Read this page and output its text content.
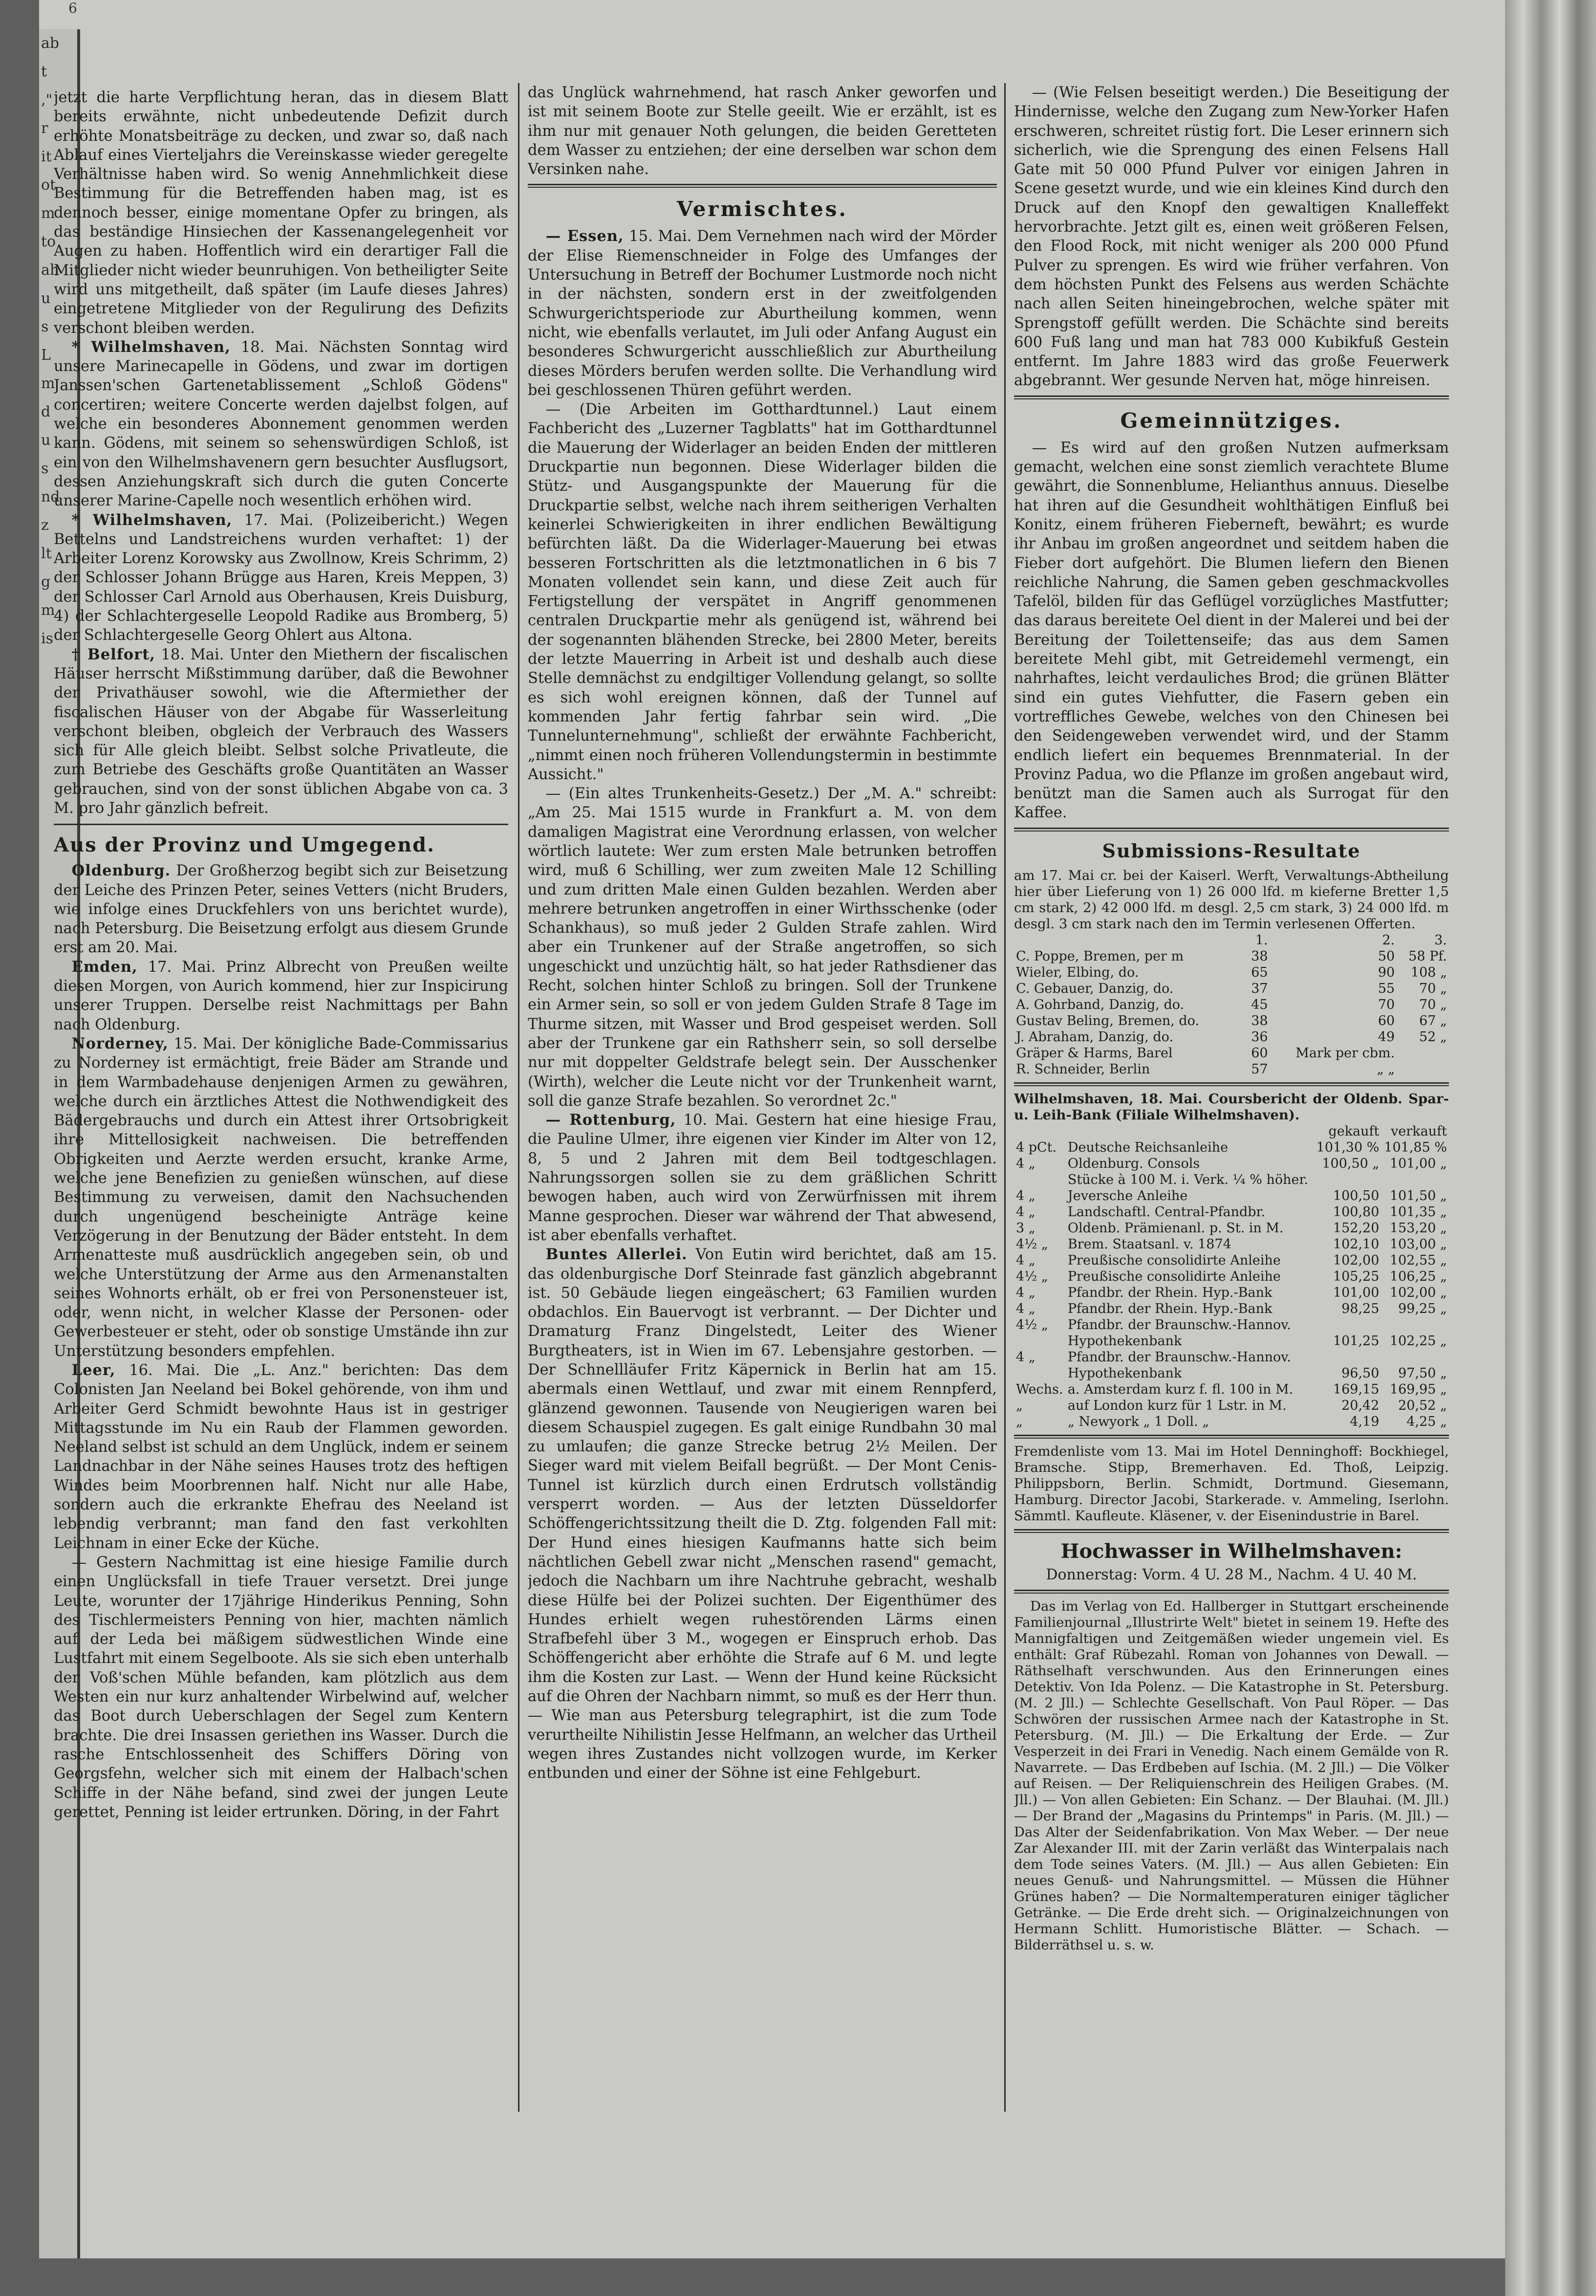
6
ab
t
,"
r
it
ot
m
to
ah
u
s
L
m
d
u
s
nd
z
lt
g
m
is

jetzt die harte Verpflichtung heran, das in diesem Blatt bereits erwähnte, nicht unbedeutende Defizit durch erhöhte Monatsbeiträge zu decken, und zwar so, daß nach Ablauf eines Vierteljahrs die Vereinskasse wieder geregelte Verhältnisse haben wird. So wenig Annehmlichkeit diese Bestimmung für die Betreffenden haben mag, ist es dennoch besser, einige momentane Opfer zu bringen, als das beständige Hinsiechen der Kassenangelegenheit vor Augen zu haben. Hoffentlich wird ein derartiger Fall die Mitglieder nicht wieder beunruhigen. Von betheiligter Seite wird uns mitgetheilt, daß später (im Laufe dieses Jahres) eingetretene Mitglieder von der Regulirung des Defizits verschont bleiben werden.

* Wilhelmshaven, 18. Mai. Nächsten Sonntag wird unsere Marinecapelle in Gödens, und zwar im dortigen Janssen'schen Gartenetablissement „Schloß Gödens" concertiren; weitere Concerte werden dajelbst folgen, auf welche ein besonderes Abonnement genommen werden kann. Gödens, mit seinem so sehenswürdigen Schloß, ist ein von den Wilhelmshavenern gern besuchter Ausflugsort, dessen Anziehungskraft sich durch die guten Concerte unserer Marine-Capelle noch wesentlich erhöhen wird.

* Wilhelmshaven, 17. Mai. (Polizeibericht.) Wegen Bettelns und Landstreichens wurden verhaftet: 1) der Arbeiter Lorenz Korowsky aus Zwollnow, Kreis Schrimm, 2) der Schlosser Johann Brügge aus Haren, Kreis Meppen, 3) der Schlosser Carl Arnold aus Oberhausen, Kreis Duisburg, 4) der Schlachtergeselle Leopold Radike aus Bromberg, 5) der Schlachtergeselle Georg Ohlert aus Altona.

† Belfort, 18. Mai. Unter den Miethern der fiscalischen Häuser herrscht Mißstimmung darüber, daß die Bewohner der Privathäuser sowohl, wie die Aftermiether der fiscalischen Häuser von der Abgabe für Wasserleitung verschont bleiben, obgleich der Verbrauch des Wassers sich für Alle gleich bleibt. Selbst solche Privatleute, die zum Betriebe des Geschäfts große Quantitäten an Wasser gebrauchen, sind von der sonst üblichen Abgabe von ca. 3 M. pro Jahr gänzlich befreit.

Aus der Provinz und Umgegend.

Oldenburg. Der Großherzog begibt sich zur Beisetzung der Leiche des Prinzen Peter, seines Vetters (nicht Bruders, wie infolge eines Druckfehlers von uns berichtet wurde), nach Petersburg. Die Beisetzung erfolgt aus diesem Grunde erst am 20. Mai.

Emden, 17. Mai. Prinz Albrecht von Preußen weilte diesen Morgen, von Aurich kommend, hier zur Inspicirung unserer Truppen. Derselbe reist Nachmittags per Bahn nach Oldenburg.

Norderney, 15. Mai. Der königliche Bade-Commissarius zu Norderney ist ermächtigt, freie Bäder am Strande und in dem Warmbadehause denjenigen Armen zu gewähren, welche durch ein ärztliches Attest die Nothwendigkeit des Bädergebrauchs und durch ein Attest ihrer Ortsobrigkeit ihre Mittellosigkeit nachweisen. Die betreffenden Obrigkeiten und Aerzte werden ersucht, kranke Arme, welche jene Benefizien zu genießen wünschen, auf diese Bestimmung zu verweisen, damit den Nachsuchenden durch ungenügend bescheinigte Anträge keine Verzögerung in der Benutzung der Bäder entsteht. In dem Armenatteste muß ausdrücklich angegeben sein, ob und welche Unterstützung der Arme aus den Armenanstalten seines Wohnorts erhält, ob er frei von Personensteuer ist, oder, wenn nicht, in welcher Klasse der Personen- oder Gewerbesteuer er steht, oder ob sonstige Umstände ihn zur Unterstützung besonders empfehlen.

Leer, 16. Mai. Die „L. Anz." berichten: Das dem Colonisten Jan Neeland bei Bokel gehörende, von ihm und Arbeiter Gerd Schmidt bewohnte Haus ist in gestriger Mittagsstunde im Nu ein Raub der Flammen geworden. Neeland selbst ist schuld an dem Unglück, indem er seinem Landnachbar in der Nähe seines Hauses trotz des heftigen Windes beim Moorbrennen half. Nicht nur alle Habe, sondern auch die erkrankte Ehefrau des Neeland ist lebendig verbrannt; man fand den fast verkohlten Leichnam in einer Ecke der Küche.

— Gestern Nachmittag ist eine hiesige Familie durch einen Unglücksfall in tiefe Trauer versetzt. Drei junge Leute, worunter der 17jährige Hinderikus Penning, Sohn des Tischlermeisters Penning von hier, machten nämlich auf der Leda bei mäßigem südwestlichen Winde eine Lustfahrt mit einem Segelboote. Als sie sich eben unterhalb der Voß'schen Mühle befanden, kam plötzlich aus dem Westen ein nur kurz anhaltender Wirbelwind auf, welcher das Boot durch Ueberschlagen der Segel zum Kentern brachte. Die drei Insassen geriethen ins Wasser. Durch die rasche Entschlossenheit des Schiffers Döring von Georgsfehn, welcher sich mit einem der Halbach'schen Schiffe in der Nähe befand, sind zwei der jungen Leute gerettet, Penning ist leider ertrunken. Döring, in der Fahrt

das Unglück wahrnehmend, hat rasch Anker geworfen und ist mit seinem Boote zur Stelle geeilt. Wie er erzählt, ist es ihm nur mit genauer Noth gelungen, die beiden Geretteten dem Wasser zu entziehen; der eine derselben war schon dem Versinken nahe.

Vermischtes.

— Essen, 15. Mai. Dem Vernehmen nach wird der Mörder der Elise Riemenschneider in Folge des Umfanges der Untersuchung in Betreff der Bochumer Lustmorde noch nicht in der nächsten, sondern erst in der zweitfolgenden Schwurgerichtsperiode zur Aburtheilung kommen, wenn nicht, wie ebenfalls verlautet, im Juli oder Anfang August ein besonderes Schwurgericht ausschließlich zur Aburtheilung dieses Mörders berufen werden sollte. Die Verhandlung wird bei geschlossenen Thüren geführt werden.

— (Die Arbeiten im Gotthardtunnel.) Laut einem Fachbericht des „Luzerner Tagblatts" hat im Gotthardtunnel die Mauerung der Widerlager an beiden Enden der mittleren Druckpartie nun begonnen. Diese Widerlager bilden die Stütz- und Ausgangspunkte der Mauerung für die Druckpartie selbst, welche nach ihrem seitherigen Verhalten keinerlei Schwierigkeiten in ihrer endlichen Bewältigung befürchten läßt. Da die Widerlager-Mauerung bei etwas besseren Fortschritten als die letztmonatlichen in 6 bis 7 Monaten vollendet sein kann, und diese Zeit auch für Fertigstellung der verspätet in Angriff genommenen centralen Druckpartie mehr als genügend ist, während bei der sogenannten blähenden Strecke, bei 2800 Meter, bereits der letzte Mauerring in Arbeit ist und deshalb auch diese Stelle demnächst zu endgiltiger Vollendung gelangt, so sollte es sich wohl ereignen können, daß der Tunnel auf kommenden Jahr fertig fahrbar sein wird. „Die Tunnelunternehmung", schließt der erwähnte Fachbericht, „nimmt einen noch früheren Vollendungstermin in bestimmte Aussicht."

— (Ein altes Trunkenheits-Gesetz.) Der „M. A." schreibt: „Am 25. Mai 1515 wurde in Frankfurt a. M. von dem damaligen Magistrat eine Verordnung erlassen, von welcher wörtlich lautete: Wer zum ersten Male betrunken betroffen wird, muß 6 Schilling, wer zum zweiten Male 12 Schilling und zum dritten Male einen Gulden bezahlen. Werden aber mehrere betrunken angetroffen in einer Wirthsschenke (oder Schankhaus), so muß jeder 2 Gulden Strafe zahlen. Wird aber ein Trunkener auf der Straße angetroffen, so sich ungeschickt und unzüchtig hält, so hat jeder Rathsdiener das Recht, solchen hinter Schloß zu bringen. Soll der Trunkene ein Armer sein, so soll er von jedem Gulden Strafe 8 Tage im Thurme sitzen, mit Wasser und Brod gespeiset werden. Soll aber der Trunkene gar ein Rathsherr sein, so soll derselbe nur mit doppelter Geldstrafe belegt sein. Der Ausschenker (Wirth), welcher die Leute nicht vor der Trunkenheit warnt, soll die ganze Strafe bezahlen. So verordnet 2c."

— Rottenburg, 10. Mai. Gestern hat eine hiesige Frau, die Pauline Ulmer, ihre eigenen vier Kinder im Alter von 12, 8, 5 und 2 Jahren mit dem Beil todtgeschlagen. Nahrungssorgen sollen sie zu dem gräßlichen Schritt bewogen haben, auch wird von Zerwürfnissen mit ihrem Manne gesprochen. Dieser war während der That abwesend, ist aber ebenfalls verhaftet.

Buntes Allerlei. Von Eutin wird berichtet, daß am 15. das oldenburgische Dorf Steinrade fast gänzlich abgebrannt ist. 50 Gebäude liegen eingeäschert; 63 Familien wurden obdachlos. Ein Bauervogt ist verbrannt. — Der Dichter und Dramaturg Franz Dingelstedt, Leiter des Wiener Burgtheaters, ist in Wien im 67. Lebensjahre gestorben. — Der Schnellläufer Fritz Käpernick in Berlin hat am 15. abermals einen Wettlauf, und zwar mit einem Rennpferd, glänzend gewonnen. Tausende von Neugierigen waren bei diesem Schauspiel zugegen. Es galt einige Rundbahn 30 mal zu umlaufen; die ganze Strecke betrug 2½ Meilen. Der Sieger ward mit vielem Beifall begrüßt. — Der Mont Cenis-Tunnel ist kürzlich durch einen Erdrutsch vollständig versperrt worden. — Aus der letzten Düsseldorfer Schöffengerichtssitzung theilt die D. Ztg. folgenden Fall mit: Der Hund eines hiesigen Kaufmanns hatte sich beim nächtlichen Gebell zwar nicht „Menschen rasend" gemacht, jedoch die Nachbarn um ihre Nachtruhe gebracht, weshalb diese Hülfe bei der Polizei suchten. Der Eigenthümer des Hundes erhielt wegen ruhestörenden Lärms einen Strafbefehl über 3 M., wogegen er Einspruch erhob. Das Schöffengericht aber erhöhte die Strafe auf 6 M. und legte ihm die Kosten zur Last. — Wenn der Hund keine Rücksicht auf die Ohren der Nachbarn nimmt, so muß es der Herr thun. — Wie man aus Petersburg telegraphirt, ist die zum Tode verurtheilte Nihilistin Jesse Helfmann, an welcher das Urtheil wegen ihres Zustandes nicht vollzogen wurde, im Kerker entbunden und einer der Söhne ist eine Fehlgeburt.

— (Wie Felsen beseitigt werden.) Die Beseitigung der Hindernisse, welche den Zugang zum New-Yorker Hafen erschweren, schreitet rüstig fort. Die Leser erinnern sich sicherlich, wie die Sprengung des einen Felsens Hall Gate mit 50 000 Pfund Pulver vor einigen Jahren in Scene gesetzt wurde, und wie ein kleines Kind durch den Druck auf den Knopf den gewaltigen Knalleffekt hervorbrachte. Jetzt gilt es, einen weit größeren Felsen, den Flood Rock, mit nicht weniger als 200 000 Pfund Pulver zu sprengen. Es wird wie früher verfahren. Von dem höchsten Punkt des Felsens aus werden Schächte nach allen Seiten hineingebrochen, welche später mit Sprengstoff gefüllt werden. Die Schächte sind bereits 600 Fuß lang und man hat 783 000 Kubikfuß Gestein entfernt. Im Jahre 1883 wird das große Feuerwerk abgebrannt. Wer gesunde Nerven hat, möge hinreisen.

Gemeinnütziges.

— Es wird auf den großen Nutzen aufmerksam gemacht, welchen eine sonst ziemlich verachtete Blume gewährt, die Sonnenblume, Helianthus annuus. Dieselbe hat ihren auf die Gesundheit wohlthätigen Einfluß bei Konitz, einem früheren Fieberneft, bewährt; es wurde ihr Anbau im großen angeordnet und seitdem haben die Fieber dort aufgehört. Die Blumen liefern den Bienen reichliche Nahrung, die Samen geben geschmackvolles Tafelöl, bilden für das Geflügel vorzügliches Mastfutter; das daraus bereitete Oel dient in der Malerei und bei der Bereitung der Toilettenseife; das aus dem Samen bereitete Mehl gibt, mit Getreidemehl vermengt, ein nahrhaftes, leicht verdauliches Brod; die grünen Blätter sind ein gutes Viehfutter, die Fasern geben ein vortreffliches Gewebe, welches von den Chinesen bei den Seidengeweben verwendet wird, und der Stamm endlich liefert ein bequemes Brennmaterial. In der Provinz Padua, wo die Pflanze im großen angebaut wird, benützt man die Samen auch als Surrogat für den Kaffee.

Submissions-Resultate

am 17. Mai cr. bei der Kaiserl. Werft, Verwaltungs-Abtheilung hier über Lieferung von 1) 26 000 lfd. m kieferne Bretter 1,5 cm stark, 2) 42 000 lfd. m desgl. 2,5 cm stark, 3) 24 000 lfd. m desgl. 3 cm stark nach den im Termin verlesenen Offerten.

	1.	2.	3.
C. Poppe, Bremen, per m	38	50	58 Pf.
Wieler, Elbing, do.	65	90	108 „
C. Gebauer, Danzig, do.	37	55	70 „
A. Gohrband, Danzig, do.	45	70	70 „
Gustav Beling, Bremen, do.	38	60	67 „
J. Abraham, Danzig, do.	36	49	52 „
Gräper & Harms, Barel	60	Mark per cbm.	
R. Schneider, Berlin	57	„ „	

Wilhelmshaven, 18. Mai. Coursbericht der Oldenb. Spar- u. Leih-Bank (Filiale Wilhelmshaven).

		gekauft	verkauft
4 pCt.	Deutsche Reichsanleihe	101,30 %	101,85 %
4 „	Oldenburg. Consols	100,50 „	101,00 „
	Stücke à 100 M. i. Verk. ¼ % höher.		
4 „	Jeversche Anleihe	100,50	101,50 „
4 „	Landschaftl. Central-Pfandbr.	100,80	101,35 „
3 „	Oldenb. Prämienanl. p. St. in M.	152,20	153,20 „
4½ „	Brem. Staatsanl. v. 1874	102,10	103,00 „
4 „	Preußische consolidirte Anleihe	102,00	102,55 „
4½ „	Preußische consolidirte Anleihe	105,25	106,25 „
4 „	Pfandbr. der Rhein. Hyp.-Bank	101,00	102,00 „
4 „	Pfandbr. der Rhein. Hyp.-Bank	98,25	99,25 „
4½ „	Pfandbr. der Braunschw.-Hannov.		
	Hypothekenbank	101,25	102,25 „
4 „	Pfandbr. der Braunschw.-Hannov.		
	Hypothekenbank	96,50	97,50 „
Wechs.	a. Amsterdam kurz f. fl. 100 in M.	169,15	169,95 „
„	auf London kurz für 1 Lstr. in M.	20,42	20,52 „
„	„ Newyork „ 1 Doll. „	4,19	4,25 „

Fremdenliste vom 13. Mai im Hotel Denninghoff: Bockhiegel, Bramsche. Stipp, Bremerhaven. Ed. Thoß, Leipzig. Philippsborn, Berlin. Schmidt, Dortmund. Giesemann, Hamburg. Director Jacobi, Starkerade. v. Ammeling, Iserlohn. Sämmtl. Kaufleute. Kläsener, v. der Eisenindustrie in Barel.

Hochwasser in Wilhelmshaven:
Donnerstag: Vorm. 4 U. 28 M., Nachm. 4 U. 40 M.

Das im Verlag von Ed. Hallberger in Stuttgart erscheinende Familienjournal „Illustrirte Welt" bietet in seinem 19. Hefte des Mannigfaltigen und Zeitgemäßen wieder ungemein viel. Es enthält: Graf Rübezahl. Roman von Johannes von Dewall. — Räthselhaft verschwunden. Aus den Erinnerungen eines Detektiv. Von Ida Polenz. — Die Katastrophe in St. Petersburg. (M. 2 Jll.) — Schlechte Gesellschaft. Von Paul Röper. — Das Schwören der russischen Armee nach der Katastrophe in St. Petersburg. (M. Jll.) — Die Erkaltung der Erde. — Zur Vesperzeit in dei Frari in Venedig. Nach einem Gemälde von R. Navarrete. — Das Erdbeben auf Ischia. (M. 2 Jll.) — Die Völker auf Reisen. — Der Reliquienschrein des Heiligen Grabes. (M. Jll.) — Von allen Gebieten: Ein Schanz. — Der Blauhai. (M. Jll.) — Der Brand der „Magasins du Printemps" in Paris. (M. Jll.) — Das Alter der Seidenfabrikation. Von Max Weber. — Der neue Zar Alexander III. mit der Zarin verläßt das Winterpalais nach dem Tode seines Vaters. (M. Jll.) — Aus allen Gebieten: Ein neues Genuß- und Nahrungsmittel. — Müssen die Hühner Grünes haben? — Die Normaltemperaturen einiger täglicher Getränke. — Die Erde dreht sich. — Originalzeichnungen von Hermann Schlitt. Humoristische Blätter. — Schach. — Bilderräthsel u. s. w.
